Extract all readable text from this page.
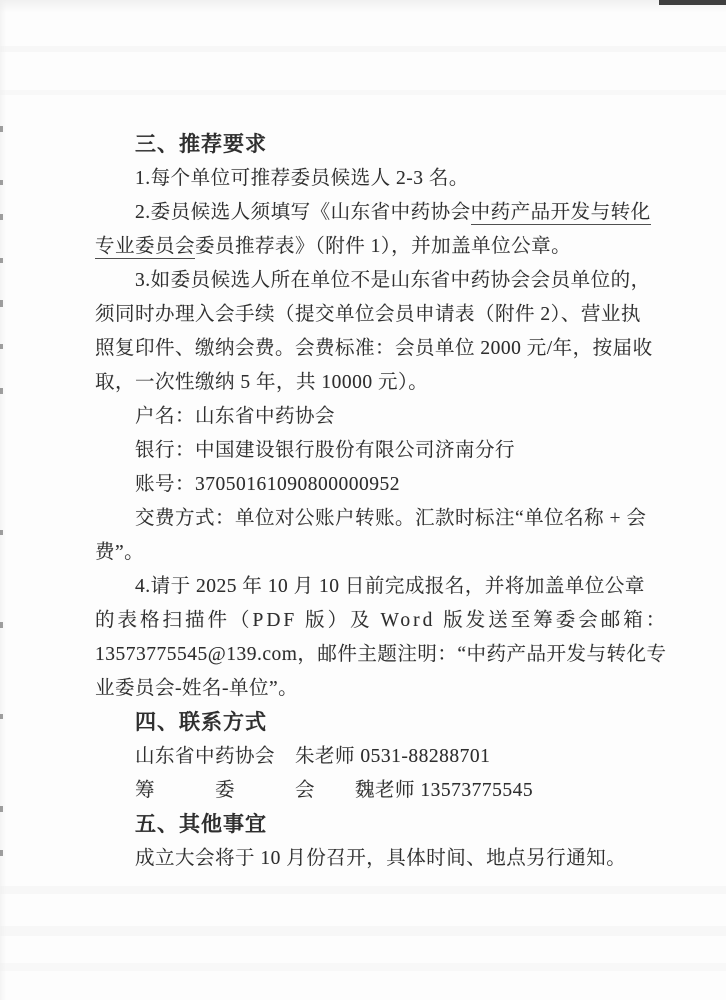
三、推荐要求
1.每个单位可推荐委员候选人 2-3 名。
2.委员候选人须填写《山东省中药协会中药产品开发与转化
专业委员会委员推荐表》（附件 1），并加盖单位公章。
3.如委员候选人所在单位不是山东省中药协会会员单位的，
须同时办理入会手续（提交单位会员申请表（附件 2）、营业执
照复印件、缴纳会费。会费标准：会员单位 2000 元/年，按届收
取，一次性缴纳 5 年，共 10000 元）。
户名：山东省中药协会
银行：中国建设银行股份有限公司济南分行
账号：37050161090800000952
交费方式：单位对公账户转账。汇款时标注“单位名称 + 会
费”。
4.请于 2025 年 10 月 10 日前完成报名，并将加盖单位公章
的表格扫描件（PDF 版）及 Word 版发送至筹委会邮箱：
13573775545@139.com，邮件主题注明：“中药产品开发与转化专
业委员会-姓名-单位”。
四、联系方式
山东省中药协会　朱老师 0531-88288701
筹　　　委　　　会　　魏老师 13573775545
五、其他事宜
成立大会将于 10 月份召开，具体时间、地点另行通知。
